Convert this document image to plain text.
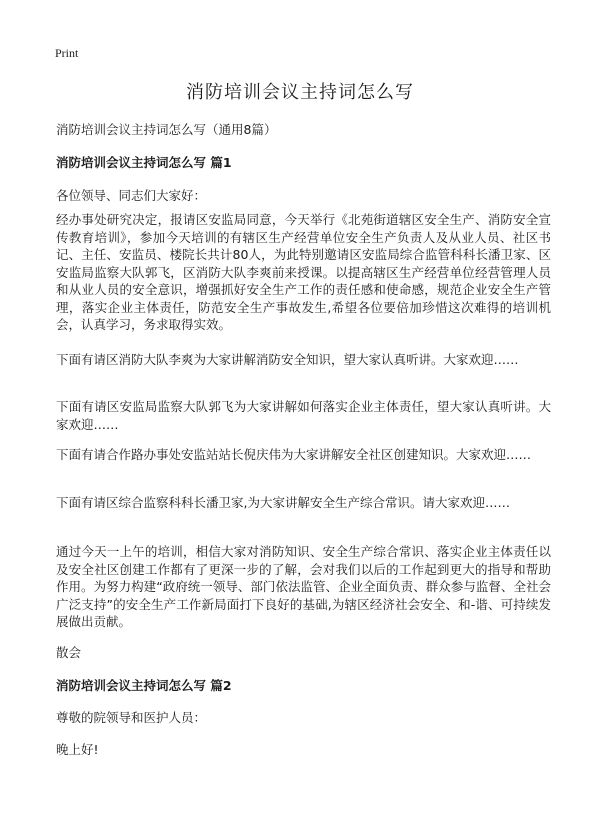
Print
消防培训会议主持词怎么写
消防培训会议主持词怎么写（通用8篇）
消防培训会议主持词怎么写 篇1
各位领导、同志们大家好：
经办事处研究决定，报请区安监局同意，今天举行《北苑街道辖区安全生产、消防安全宣传教育培训》，参加今天培训的有辖区生产经营单位安全生产负责人及从业人员、社区书记、主任、安监员、楼院长共计80人，为此特别邀请区安监局综合监管科科长潘卫家、区安监局监察大队郭飞，区消防大队李爽前来授课。以提高辖区生产经营单位经营管理人员和从业人员的安全意识，增强抓好安全生产工作的责任感和使命感，规范企业安全生产管理，落实企业主体责任，防范安全生产事故发生,希望各位要倍加珍惜这次难得的培训机会，认真学习，务求取得实效。
下面有请区消防大队李爽为大家讲解消防安全知识，望大家认真听讲。大家欢迎……
下面有请区安监局监察大队郭飞为大家讲解如何落实企业主体责任，望大家认真听讲。大家欢迎……
下面有请合作路办事处安监站站长倪庆伟为大家讲解安全社区创建知识。大家欢迎……
下面有请区综合监察科科长潘卫家,为大家讲解安全生产综合常识。请大家欢迎……
通过今天一上午的培训，相信大家对消防知识、安全生产综合常识、落实企业主体责任以及安全社区创建工作都有了更深一步的了解，会对我们以后的工作起到更大的指导和帮助作用。为努力构建“政府统一领导、部门依法监管、企业全面负责、群众参与监督、全社会广泛支持”的安全生产工作新局面打下良好的基础,为辖区经济社会安全、和-谐、可持续发展做出贡献。
散会
消防培训会议主持词怎么写 篇2
尊敬的院领导和医护人员：
晚上好!
